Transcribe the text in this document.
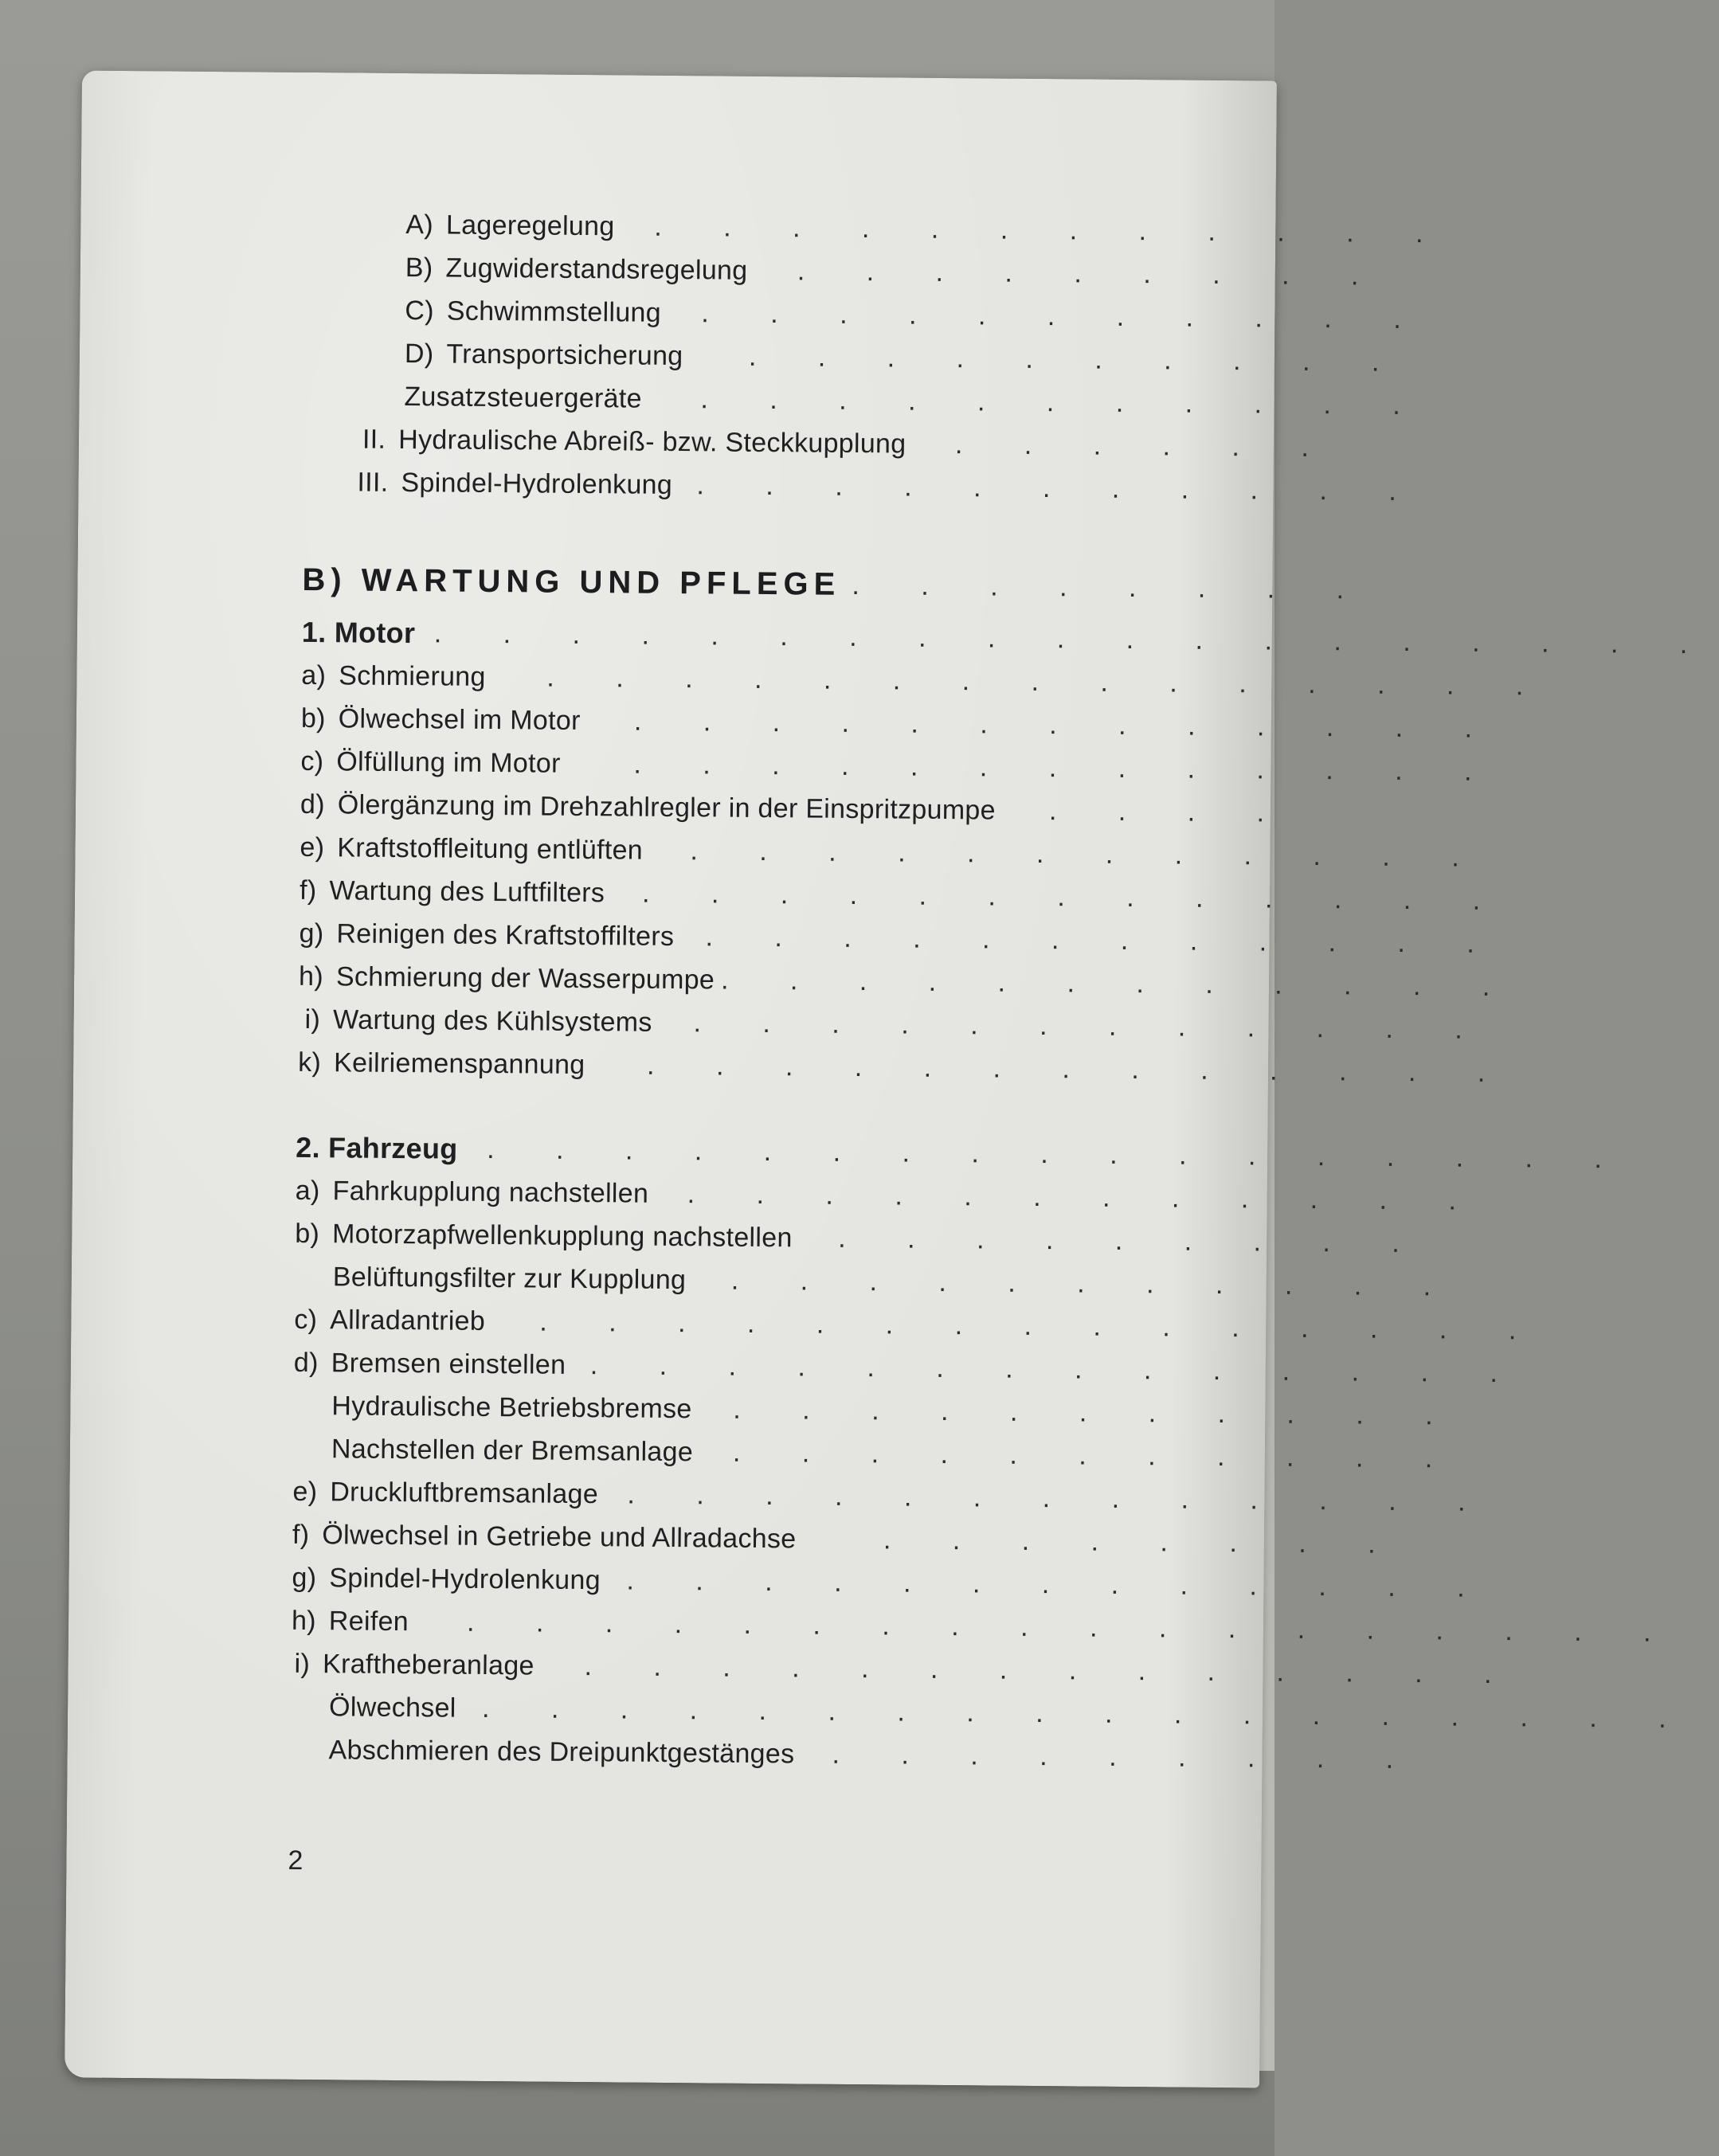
A) Lageregelung . . . . . . . . . . . .
B) Zugwiderstandsregelung . . . . . . . . .
C) Schwimmstellung . . . . . . . . . . .
D) Transportsicherung . . . . . . . . . .
Zusatzsteuergeräte . . . . . . . . . . .
II. Hydraulische Abreiß- bzw. Steckkupplung . . . . . .
III. Spindel-Hydrolenkung . . . . . . . . . . .
B) WARTUNG UND PFLEGE . . . . . . . .
1. Motor . . . . . . . . . . . . . . . . . . .
a) Schmierung . . . . . . . . . . . . . . .
b) Ölwechsel im Motor . . . . . . . . . . . . .
c) Ölfüllung im Motor	. . . . . . . . . . . . .
d) Ölergänzung im Drehzahlregler in der Einspritzpumpe . . . .
e) Kraftstoffleitung entlüften . . . . . . . . . . . .
f) Wartung des Luftfilters . . . . . . . . . . . . .
g) Reinigen des Kraftstoffilters . . . . . . . . . . . .
h) Schmierung der Wasserpumpe . . . . . . . . . . . .
i) Wartung des Kühlsystems . . . . . . . . . . . .
k) Keilriemenspannung . . . . . . . . . . . . .
2. Fahrzeug . . . . . . . . . . . . . . . . .
a) Fahrkupplung nachstellen . . . . . . . . . . . .
b) Motorzapfwellenkupplung nachstellen . . . . . . . . .
Belüftungsfilter zur Kupplung . . . . . . . . . . .
c) Allradantrieb . . . . . . . . . . . . . . .
d) Bremsen einstellen . . . . . . . . . . . . . .
Hydraulische Betriebsbremse . . . . . . . . . . .
Nachstellen der Bremsanlage . . . . . . . . . . .
e) Druckluftbremsanlage . . . . . . . . . . . . .
f) Ölwechsel in Getriebe und Allradachse	. . . . . . . .
g) Spindel-Hydrolenkung . . . . . . . . . . . . .
h) Reifen . . . . . . . . . . . . . . . . . .
i) Kraftheberanlage . . . . . . . . . . . . . .
Ölwechsel . . . . . . . . . . . . . . . . . .
Abschmieren des Dreipunktgestänges . . . . . . . . .
2
